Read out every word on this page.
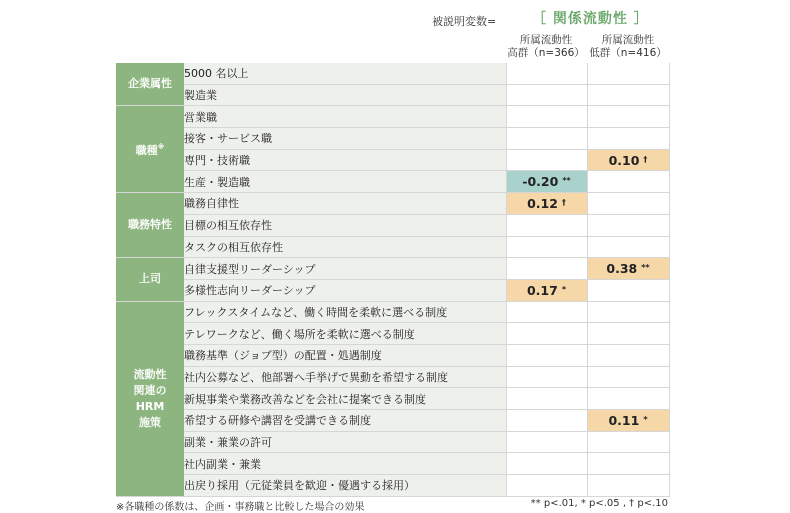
被説明変数=	［ 関係流動性 ］
所属流動性
高群（n=366）
所属流動性
低群（n=416）
企業属性	5000 名以上		
	製造業		

職種※	営業職		
	接客・サービス職		
	専門・技術職		0.10 †
	生産・製造職	-0.20 **	

職務特性	職務自律性	0.12 †	
	目標の相互依存性		
	タスクの相互依存性		

上司	自律支援型リーダーシップ		0.38 **
	多様性志向リーダーシップ	0.17 *	

流動性
関連の
HRM
施策	フレックスタイムなど、働く時間を柔軟に選べる制度		
	テレワークなど、働く場所を柔軟に選べる制度		
	職務基準（ジョブ型）の配置・処遇制度		
	社内公募など、他部署へ手挙げで異動を希望する制度		
	新規事業や業務改善などを会社に提案できる制度		
	希望する研修や講習を受講できる制度		0.11 *
	副業・兼業の許可		
	社内副業・兼業		
	出戻り採用（元従業員を歓迎・優遇する採用）		
※各職種の係数は、企画・事務職と比較した場合の効果	** p<.01, * p<.05 , † p<.10
